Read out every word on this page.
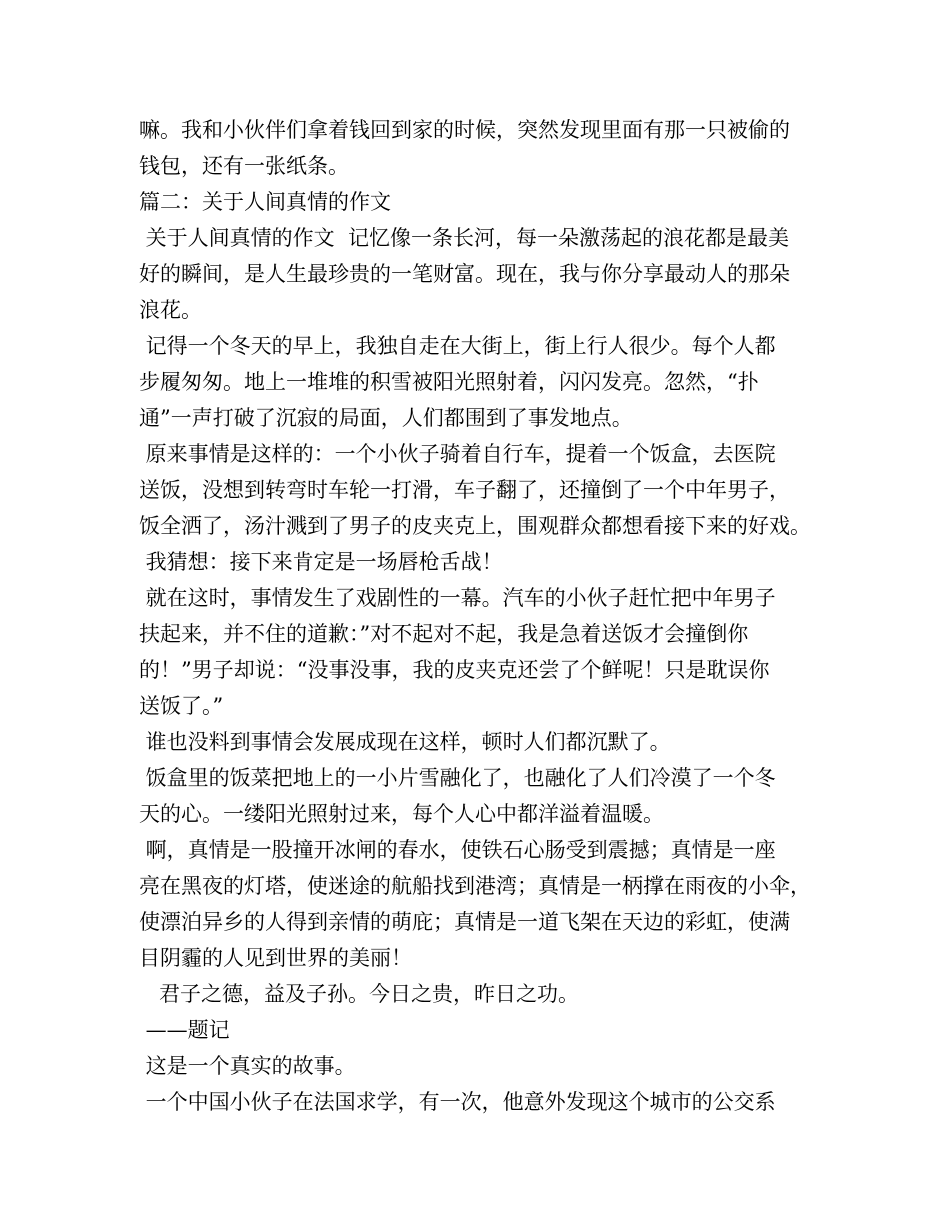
嘛。我和小伙伴们拿着钱回到家的时候，突然发现里面有那一只被偷的
钱包，还有一张纸条。
篇二：关于人间真情的作文
关于人间真情的作文  记忆像一条长河，每一朵激荡起的浪花都是最美
好的瞬间，是人生最珍贵的一笔财富。现在，我与你分享最动人的那朵
浪花。
记得一个冬天的早上，我独自走在大街上，街上行人很少。每个人都
步履匆匆。地上一堆堆的积雪被阳光照射着，闪闪发亮。忽然，“扑
通”一声打破了沉寂的局面，人们都围到了事发地点。
原来事情是这样的：一个小伙子骑着自行车，提着一个饭盒，去医院
送饭，没想到转弯时车轮一打滑，车子翻了，还撞倒了一个中年男子，
饭全洒了，汤汁溅到了男子的皮夹克上，围观群众都想看接下来的好戏。
我猜想：接下来肯定是一场唇枪舌战！
就在这时，事情发生了戏剧性的一幕。汽车的小伙子赶忙把中年男子
扶起来，并不住的道歉：”对不起对不起，我是急着送饭才会撞倒你
的！”男子却说：“没事没事，我的皮夹克还尝了个鲜呢！只是耽误你
送饭了。”
谁也没料到事情会发展成现在这样，顿时人们都沉默了。
饭盒里的饭菜把地上的一小片雪融化了，也融化了人们冷漠了一个冬
天的心。一缕阳光照射过来，每个人心中都洋溢着温暖。
啊，真情是一股撞开冰闸的春水，使铁石心肠受到震撼；真情是一座
亮在黑夜的灯塔，使迷途的航船找到港湾；真情是一柄撑在雨夜的小伞，
使漂泊异乡的人得到亲情的萌庇；真情是一道飞架在天边的彩虹，使满
目阴霾的人见到世界的美丽！
君子之德，益及子孙。今日之贵，昨日之功。
——题记
这是一个真实的故事。
一个中国小伙子在法国求学，有一次，他意外发现这个城市的公交系
